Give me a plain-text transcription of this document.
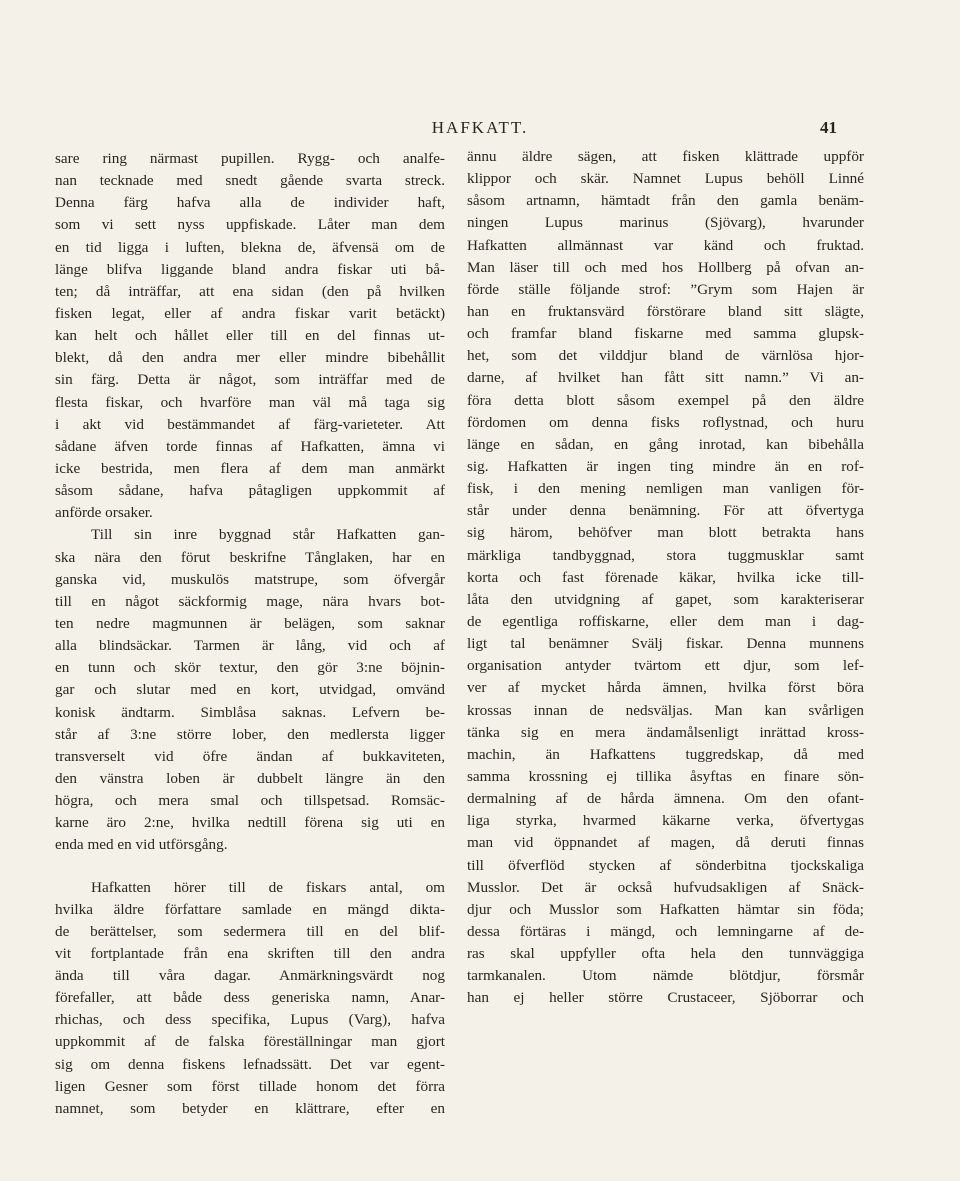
HAFKATT.	41
sare ring närmast pupillen. Rygg- och analfe-
nan tecknade med snedt gående svarta streck.
Denna färg hafva alla de individer haft,
som vi sett nyss uppfiskade. Låter man dem
en tid ligga i luften, blekna de, äfvensä om de
länge blifva liggande bland andra fiskar uti bå-
ten; då inträffar, att ena sidan (den på hvilken
fisken legat, eller af andra fiskar varit betäckt)
kan helt och hållet eller till en del finnas ut-
blekt, då den andra mer eller mindre bibehållit
sin färg. Detta är något, som inträffar med de
flesta fiskar, och hvarföre man väl må taga sig
i akt vid bestämmandet af färg-varieteter. Att
sådane äfven torde finnas af Hafkatten, ämna vi
icke bestrida, men flera af dem man anmärkt
såsom sådane, hafva påtagligen uppkommit af
anförde orsaker.
Till sin inre byggnad står Hafkatten gan-
ska nära den förut beskrifne Tånglaken, har en
ganska vid, muskulös matstrupe, som öfvergår
till en något säckformig mage, nära hvars bot-
ten nedre magmunnen är belägen, som saknar
alla blindsäckar. Tarmen är lång, vid och af
en tunn och skör textur, den gör 3:ne böjnin-
gar och slutar med en kort, utvidgad, omvänd
konisk ändtarm. Simblåsa saknas. Lefvern be-
står af 3:ne större lober, den medlersta ligger
transverselt vid öfre ändan af bukkaviteten,
den vänstra loben är dubbelt längre än den
högra, och mera smal och tillspetsad. Romsäc-
karne äro 2:ne, hvilka nedtill förena sig uti en
enda med en vid utförsgång.
Hafkatten hörer till de fiskars antal, om
hvilka äldre författare samlade en mängd dikta-
de berättelser, som sedermera till en del blif-
vit fortplantade från ena skriften till den andra
ända till våra dagar. Anmärkningsvärdt nog
förefaller, att både dess generiska namn, Anar-
rhichas, och dess specifika, Lupus (Varg), hafva
uppkommit af de falska föreställningar man gjort
sig om denna fiskens lefnadssätt. Det var egent-
ligen Gesner som först tillade honom det förra
namnet, som betyder en klättrare, efter en
ännu äldre sägen, att fisken klättrade uppför
klippor och skär. Namnet Lupus behöll Linné
såsom artnamn, hämtadt från den gamla benäm-
ningen Lupus marinus (Sjövarg), hvarunder
Hafkatten allmännast var känd och fruktad.
Man läser till och med hos Hollberg på ofvan an-
förde ställe följande strof: ”Grym som Hajen är
han en fruktansvärd förstörare bland sitt slägte,
och framfar bland fiskarne med samma glupsk-
het, som det vilddjur bland de värnlösa hjor-
darne, af hvilket han fått sitt namn.” Vi an-
föra detta blott såsom exempel på den äldre
fördomen om denna fisks roflystnad, och huru
länge en sådan, en gång inrotad, kan bibehålla
sig. Hafkatten är ingen ting mindre än en rof-
fisk, i den mening nemligen man vanligen för-
står under denna benämning. För att öfvertyga
sig härom, behöfver man blott betrakta hans
märkliga tandbyggnad, stora tuggmusklar samt
korta och fast förenade käkar, hvilka icke till-
låta den utvidgning af gapet, som karakteriserar
de egentliga roffiskarne, eller dem man i dag-
ligt tal benämner Svälj fiskar. Denna munnens
organisation antyder tvärtom ett djur, som lef-
ver af mycket hårda ämnen, hvilka först böra
krossas innan de nedsväljas. Man kan svårligen
tänka sig en mera ändamålsenligt inrättad kross-
machin, än Hafkattens tuggredskap, då med
samma krossning ej tillika åsyftas en finare sön-
dermalning af de hårda ämnena. Om den ofant-
liga styrka, hvarmed käkarne verka, öfvertygas
man vid öppnandet af magen, då deruti finnas
till öfverflöd stycken af sönderbitna tjockskaliga
Musslor. Det är också hufvudsakligen af Snäck-
djur och Musslor som Hafkatten hämtar sin föda;
dessa förtäras i mängd, och lemningarne af de-
ras skal uppfyller ofta hela den tunnväggiga
tarmkanalen. Utom nämde blötdjur, försmår
han ej heller större Crustaceer, Sjöborrar och
